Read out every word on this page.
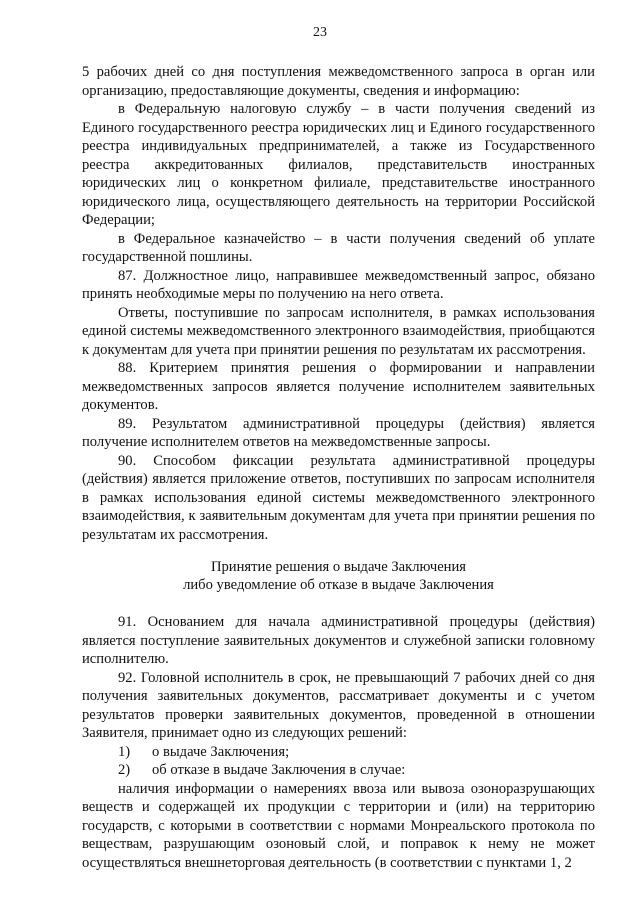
23

5 рабочих дней со дня поступления межведомственного запроса в орган или организацию, предоставляющие документы, сведения и информацию:

в Федеральную налоговую службу – в части получения сведений из Единого государственного реестра юридических лиц и Единого государственного реестра индивидуальных предпринимателей, а также из Государственного реестра аккредитованных филиалов, представительств иностранных юридических лиц о конкретном филиале, представительстве иностранного юридического лица, осуществляющего деятельность на территории Российской Федерации;

в Федеральное казначейство – в части получения сведений об уплате государственной пошлины.

87. Должностное лицо, направившее межведомственный запрос, обязано принять необходимые меры по получению на него ответа.

Ответы, поступившие по запросам исполнителя, в рамках использования единой системы межведомственного электронного взаимодействия, приобщаются к документам для учета при принятии решения по результатам их рассмотрения.

88. Критерием принятия решения о формировании и направлении межведомственных запросов является получение исполнителем заявительных документов.

89. Результатом административной процедуры (действия) является получение исполнителем ответов на межведомственные запросы.

90. Способом фиксации результата административной процедуры (действия) является приложение ответов, поступивших по запросам исполнителя в рамках использования единой системы межведомственного электронного взаимодействия, к заявительным документам для учета при принятии решения по результатам их рассмотрения.

Принятие решения о выдаче Заключения
либо уведомление об отказе в выдаче Заключения

91. Основанием для начала административной процедуры (действия) является поступление заявительных документов и служебной записки головному исполнителю.

92. Головной исполнитель в срок, не превышающий 7 рабочих дней со дня получения заявительных документов, рассматривает документы и с учетом результатов проверки заявительных документов, проведенной в отношении Заявителя, принимает одно из следующих решений:

1) о выдаче Заключения;

2) об отказе в выдаче Заключения в случае:

наличия информации о намерениях ввоза или вывоза озоноразрушающих веществ и содержащей их продукции с территории и (или) на территорию государств, с которыми в соответствии с нормами Монреальского протокола по веществам, разрушающим озоновый слой, и поправок к нему не может осуществляться внешнеторговая деятельность (в соответствии с пунктами 1, 2
